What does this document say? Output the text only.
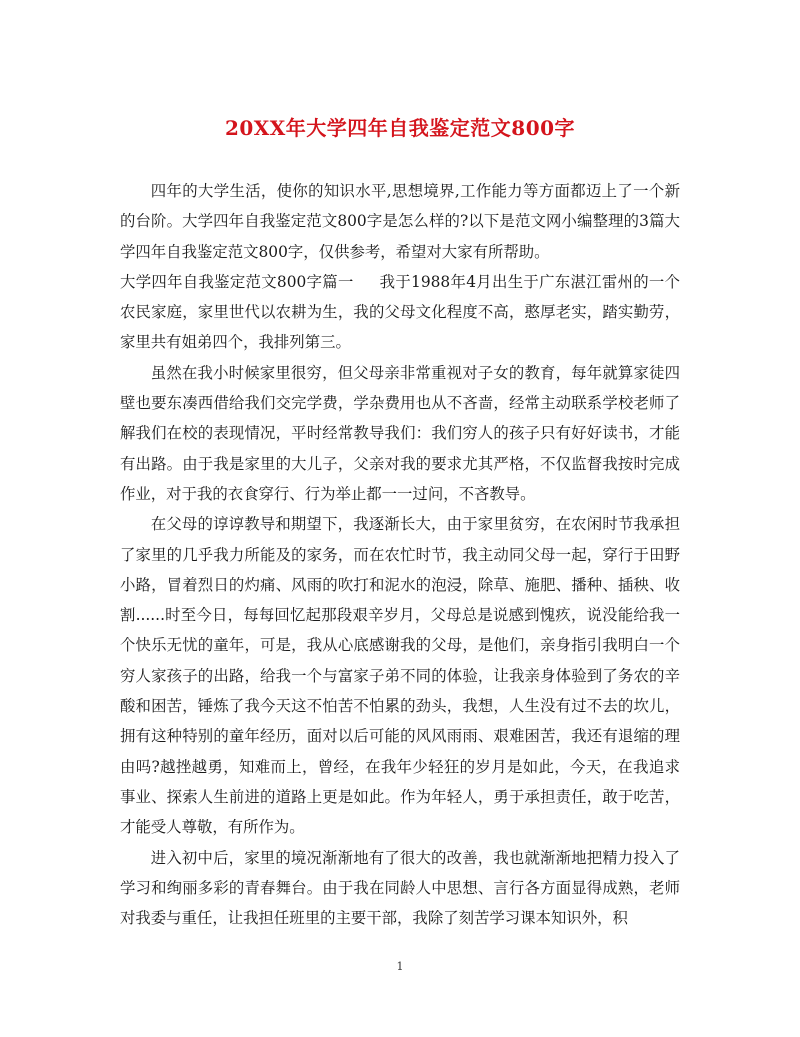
20XX年大学四年自我鉴定范文800字

四年的大学生活，使你的知识水平,思想境界,工作能力等方面都迈上了一个新的台阶。大学四年自我鉴定范文800字是怎么样的?以下是范文网小编整理的3篇大学四年自我鉴定范文800字，仅供参考，希望对大家有所帮助。

大学四年自我鉴定范文800字篇一 我于1988年4月出生于广东湛江雷州的一个农民家庭，家里世代以农耕为生，我的父母文化程度不高，憨厚老实，踏实勤劳，家里共有姐弟四个，我排列第三。

虽然在我小时候家里很穷，但父母亲非常重视对子女的教育，每年就算家徒四壁也要东凑西借给我们交完学费，学杂费用也从不吝啬，经常主动联系学校老师了解我们在校的表现情况，平时经常教导我们：我们穷人的孩子只有好好读书，才能有出路。由于我是家里的大儿子，父亲对我的要求尤其严格，不仅监督我按时完成作业，对于我的衣食穿行、行为举止都一一过问，不吝教导。

在父母的谆谆教导和期望下，我逐渐长大，由于家里贫穷，在农闲时节我承担了家里的几乎我力所能及的家务，而在农忙时节，我主动同父母一起，穿行于田野小路，冒着烈日的灼痛、风雨的吹打和泥水的泡浸，除草、施肥、播种、插秧、收割......时至今日，每每回忆起那段艰辛岁月，父母总是说感到愧疚，说没能给我一个快乐无忧的童年，可是，我从心底感谢我的父母，是他们，亲身指引我明白一个穷人家孩子的出路，给我一个与富家子弟不同的体验，让我亲身体验到了务农的辛酸和困苦，锤炼了我今天这不怕苦不怕累的劲头，我想，人生没有过不去的坎儿，拥有这种特别的童年经历，面对以后可能的风风雨雨、艰难困苦，我还有退缩的理由吗?越挫越勇，知难而上，曾经，在我年少轻狂的岁月是如此，今天，在我追求事业、探索人生前进的道路上更是如此。作为年轻人，勇于承担责任，敢于吃苦，才能受人尊敬，有所作为。

进入初中后，家里的境况渐渐地有了很大的改善，我也就渐渐地把精力投入了学习和绚丽多彩的青春舞台。由于我在同龄人中思想、言行各方面显得成熟，老师对我委与重任，让我担任班里的主要干部，我除了刻苦学习课本知识外，积

1
